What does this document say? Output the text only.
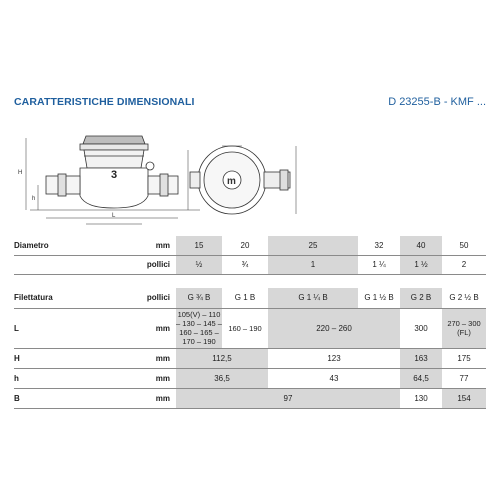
CARATTERISTICHE DIMENSIONALI	D 23255-B - KMF ...
3
H
h
L
m
Diametro	mm	15	20	25	32	40	50
	pollici	½	¾	1	1 ¼	1 ½	2
Filettatura	pollici	G ¾ B	G 1 B	G 1 ¼ B	G 1 ½ B	G 2 B	G 2 ½ B
L	mm	105(V) – 110 – 130 – 145 – 160 – 165 – 170 – 190	160 – 190	220 – 260		300	270 – 300 (FL)
H	mm	112,5		123		163	175
h	mm	36,5		43		64,5	77
B	mm	97				130	154
